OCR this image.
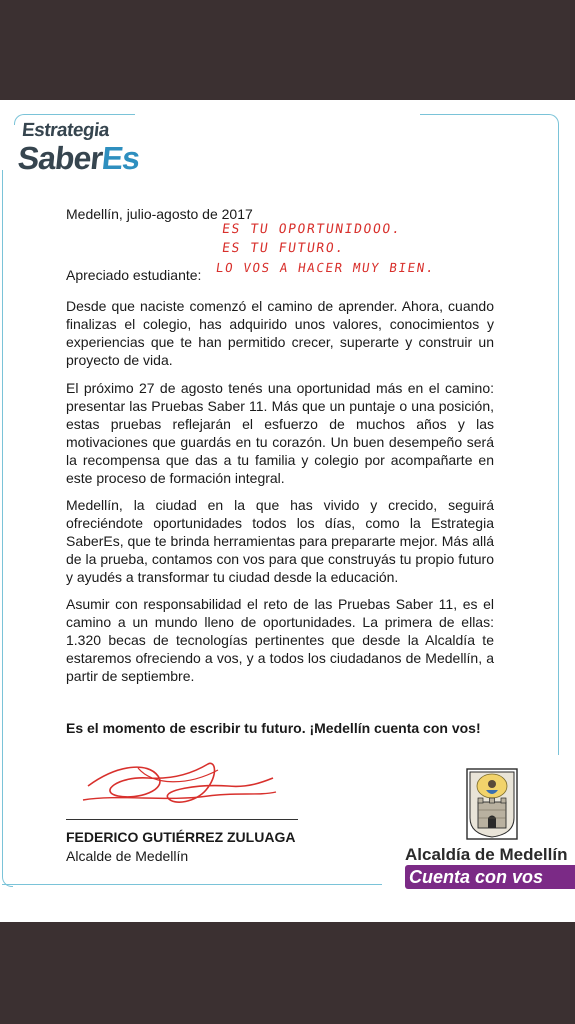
Estrategia
SaberEs
Medellín, julio-agosto de 2017
ES TU OPORTUNIDOOO.
ES TU FUTURO.
LO VOS A HACER MUY BIEN.
Apreciado estudiante:
Desde que naciste comenzó el camino de aprender. Ahora, cuando finalizas el colegio, has adquirido unos valores, conocimientos y experiencias que te han permitido crecer, superarte y construir un proyecto de vida.
El próximo 27 de agosto tenés una oportunidad más en el camino: presentar las Pruebas Saber 11. Más que un puntaje o una posición, estas pruebas reflejarán el esfuerzo de muchos años y las motivaciones que guardás en tu corazón. Un buen desempeño será la recompensa que das a tu familia y colegio por acompañarte en este proceso de formación integral.
Medellín, la ciudad en la que has vivido y crecido, seguirá ofreciéndote oportunidades todos los días, como la Estrategia SaberEs, que te brinda herramientas para prepararte mejor. Más allá de la prueba, contamos con vos para que construyás tu propio futuro y ayudés a transformar tu ciudad desde la educación.
Asumir con responsabilidad el reto de las Pruebas Saber 11, es el camino a un mundo lleno de oportunidades. La primera de ellas: 1.320 becas de tecnologías pertinentes que desde la Alcaldía te estaremos ofreciendo a vos, y a todos los ciudadanos de Medellín, a partir de septiembre.
Es el momento de escribir tu futuro. ¡Medellín cuenta con vos!
FEDERICO GUTIÉRREZ ZULUAGA
Alcalde de Medellín	Alcaldía de Medellín
Cuenta con vos
